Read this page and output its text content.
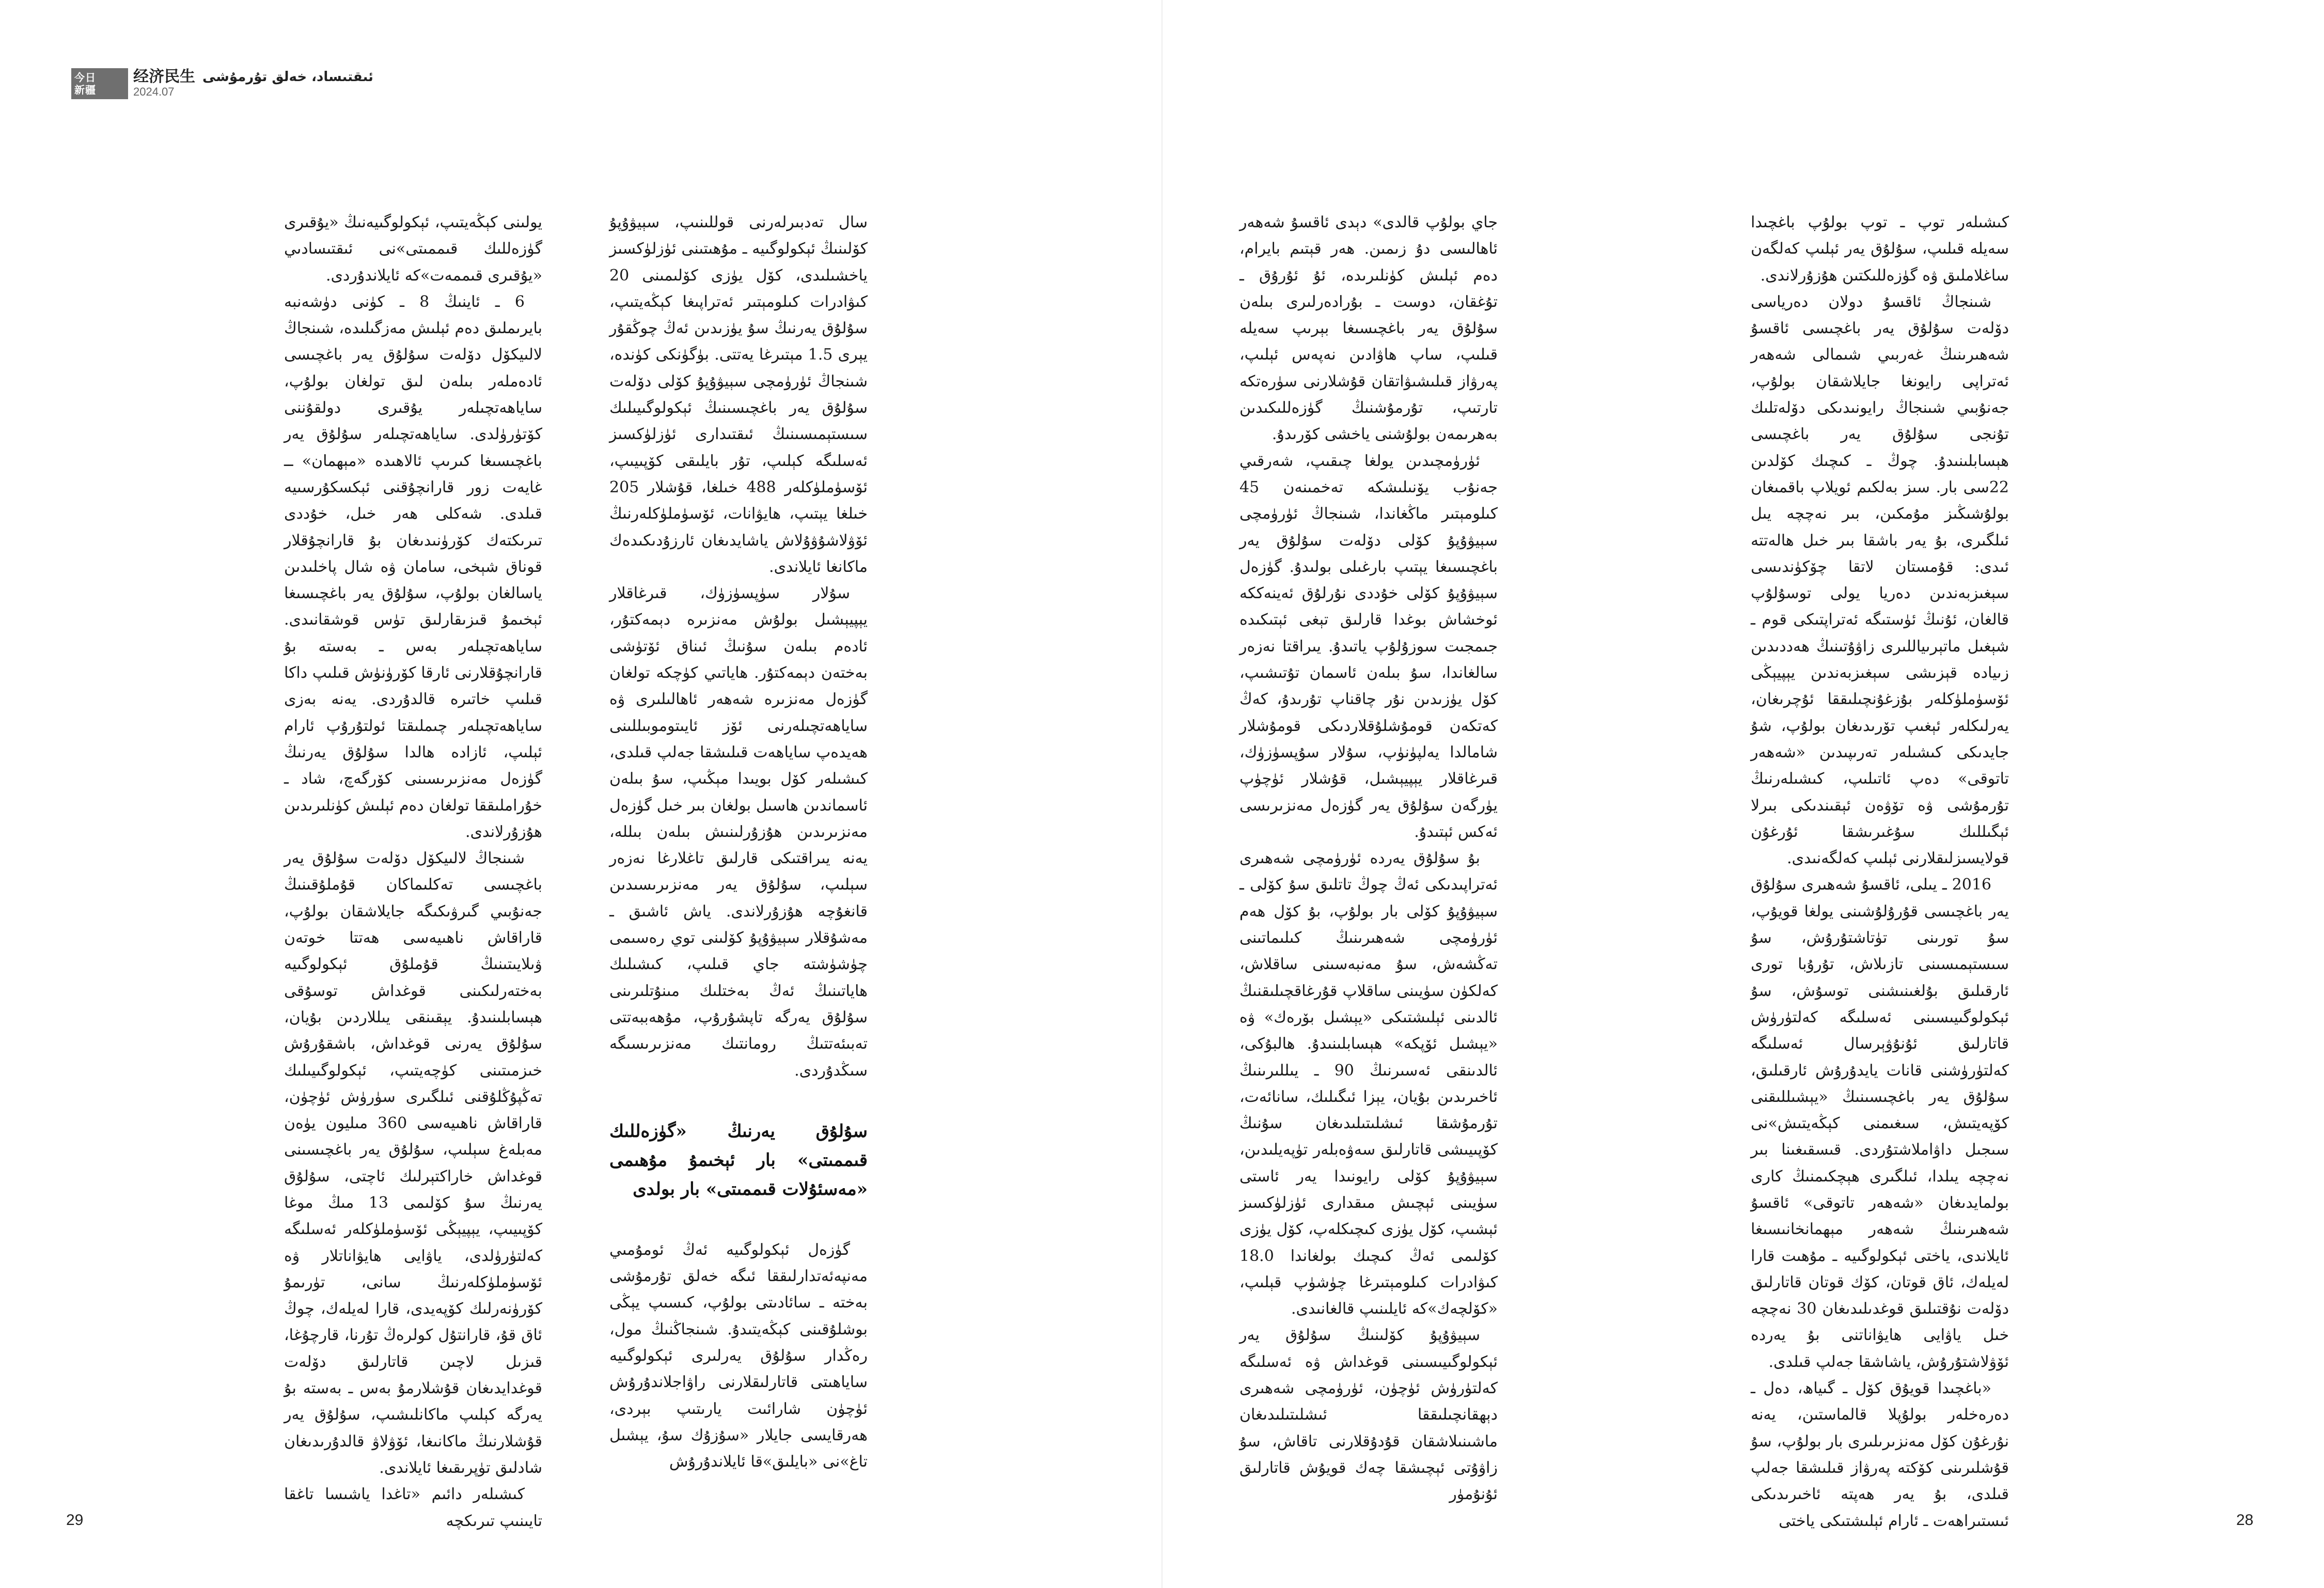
今日
新疆
经济民生
2024.07
ئىقتىساد، خەلق تۇرمۇشى

سال تەدبىرلەرنى قوللىنىپ، سېيۋۇپۇ كۆلىنىڭ ئېكولوگىيە ـ مۇھىتىنى ئۈزلۈكسىز ياخشىلىدى، كۆل يۈزى كۆلىمىنى 20 كىۋادرات كىلومېتىر ئەتراپىغا كېڭەيتىپ، سۇلۇق يەرنىڭ سۇ يۈزىدىن ئەڭ چوڭقۇر يېرى 1.5 مېتىرغا يەتتى. بۈگۈنكى كۈندە، شىنجاڭ ئۈرۈمچى سېيۋۇپۇ كۆلى دۆلەت سۇلۇق يەر باغچىسىنىڭ ئېكولوگىيىلىك سىستېمىسىنىڭ ئىقتىدارى ئۈزلۈكسىز ئەسلىگە كېلىپ، تۇر بايلىقى كۆپىيىپ، ئۆسۈملۈكلەر 488 خىلغا، قۇشلار 205 خىلغا يېتىپ، ھايۋانات، ئۆسۈملۈكلەرنىڭ ئۆۋلاشۇۋۇلاش ياشايدىغان ئارزۇدىكىدەك ماكانغا ئايلاندى.

سۇلار سۈپسۈزۈك، قىرغاقلار يېپيېشىل بولۇش مەنزىرە دېمەكتۇر، ئادەم بىلەن سۇنىڭ ئىناق ئۆتۈشى بەختەن دېمەكتۇر. ھاياتىي كۈچكە تولغان گۈزەل مەنزىرە شەھەر ئاھالىلىرى ۋە ساياھەتچىلەرنى ئۆز ئايىتوموبىللىنى ھەيدەپ ساياھەت قىلىشقا جەلپ قىلدى، كىشىلەر كۆل بويىدا مېڭىپ، سۇ بىلەن ئاسماندىن ھاسىل بولغان بىر خىل گۈزەل مەنزىرىدىن ھۇزۇرلىنىش بىلەن بىللە، يەنە يىراقتىكى قارلىق تاغلارغا نەزەر سېلىپ، سۇلۇق يەر مەنزىرىسىدىن قانغۇچە ھۇزۇرلاندى. ياش ئاشىق ـ مەشۇقلار سېيۋۇپۇ كۆلىنى توي رەسىمى چۈشۈشتە جاي قىلىپ، كىشىلىك ھاياتىنىڭ ئەڭ بەختلىك مىنۇتلىرىنى سۇلۇق يەرگە تاپشۇرۇپ، مۇھەببەتتى تەبىئەتتىڭ رومانتىك مەنزىرىسىگە سىڭدۇردى.

سۇلۇق يەرنىڭ «گۈزەللىك قىممىتى» بار ئېخىمۇ مۇھىمى «مەسئۇلات قىممىتى» بار بولدى

گۈزەل ئېكولوگىيە ئەڭ ئومۇمىي مەنپەئەتدارلىققا ئىگە خەلق تۇرمۇشى بەختە ـ سائادىتى بولۇپ، كىسىپ يېڭى بوشلۇقىنى كېڭەيتىدۇ. شىنجاڭنىڭ مول، رەڭدار سۇلۇق يەرلىرى ئېكولوگىيە ساياھىتى قاتارلىقلارنى راۋاجلاندۇرۇش ئۈچۈن شارائىت يارىتىپ بېردى، ھەرقايسى جايلار «سۇزۇك سۇ، يېشىل تاغ»نى «بايلىق»قا ئايلاندۇرۇش

يولىنى كېڭەيتىپ، ئېكولوگىيەنىڭ «يۇقىرى گۈزەللىك قىممىتى»نى ئىقتىسادىي «يۇقىرى قىممەت»كە ئايلاندۇردى.

6 ـ ئاينىڭ 8 ـ كۈنى دۈشەنبە بايرىملىق دەم ئېلىش مەزگىلىدە، شىنجاڭ لالىيكۆل دۆلەت سۇلۇق يەر باغچىسى ئادەملەر بىلەن لىق تولغان بولۇپ، ساياھەتچىلەر يۇقىرى دولقۇننى كۆتۈرۈلدى. ساياھەتچىلەر سۇلۇق يەر باغچىسىغا كىرىپ ئالاھىدە «مېھمان» ــ غايەت زور قارانچۇقنى ئېكسكۇرسىيە قىلدى. شەكلى ھەر خىل، خۇددى تىرىكتەك كۆرۈنىدىغان بۇ قارانچۇقلار قوناق شېخى، سامان ۋە شال پاخلىدىن ياسالغان بولۇپ، سۇلۇق يەر باغچىسىغا ئېخىمۇ قىزىقارلىق تۈس قوشقانىدى. ساياھەتچىلەر بەس ـ بەستە بۇ قارانچۇقلارنى ئارقا كۆرۈنۈش قىلىپ داكا قىلىپ خاتىرە قالدۇردى. يەنە بەزى ساياھەتچىلەر چىملىقتا ئولتۇرۇپ ئارام ئېلىپ، ئازادە ھالدا سۇلۇق يەرنىڭ گۈزەل مەنزىرىسىنى كۆرگەچ، شاد ـ خۇراملىققا تولغان دەم ئېلىش كۈنلىرىدىن ھۇزۇرلاندى.

شىنجاڭ لالىيكۆل دۆلەت سۇلۇق يەر باغچىسى تەكلىماكان قۇملۇقىنىڭ جەنۇبىي گىرۋىكىگە جايلاشقان بولۇپ، قاراقاش ناھىيەسى ھەتتا خوتەن ۋىلايىتىنىڭ قۇملۇق ئېكولوگىيە بەختەرلىكىنى قوغداش توسۇقى ھېسابلىنىدۇ. يېقىنقى يىللاردىن بۇيان، سۇلۇق يەرنى قوغداش، باشقۇرۇش خىزمىتىنى كۈچەيتىپ، ئېكولوگىيىلىك تەڭپۇڭلۇقنى ئىلگىرى سۈرۈش ئۈچۈن، قاراقاش ناھىيەسى 360 مىليون يۈەن مەبلەغ سېلىپ، سۇلۇق يەر باغچىسىنى قوغداش خاراكتېرلىك ئاچتى، سۇلۇق يەرنىڭ سۇ كۆلىمى 13 مىڭ موغا كۆپىيىپ، يېپيېڭى ئۆسۈملۈكلەر ئەسلىگە كەلتۈرۈلدى، ياۋايى ھايۋاناتلار ۋە ئۆسۈملۈكلەرنىڭ سانى، تۈرىمۇ كۆرۈنەرلىك كۆپەيدى، قارا لەيلەك، چوڭ ئاق قۇ، قارانتۇل كولرەڭ تۇرنا، قارچۇغا، قىزىل لاچىن قاتارلىق دۆلەت قوغدايدىغان قۇشلارمۇ بەس ـ بەستە بۇ يەرگە كېلىپ ماكانلىشىپ، سۇلۇق يەر قۇشلارنىڭ ماكانىغا، ئۆۋلاۋ قالدۇرىدىغان شادلىق تۈپرىقىغا ئايلاندى.

كىشىلەر دائىم «تاغدا ياشىسا تاغقا تايىنىپ تىرىكچە

29

كىشىلەر توپ ـ توپ بولۇپ باغچىدا سەيلە قىلىپ، سۇلۇق يەر ئېلىپ كەلگەن ساغلاملىق ۋە گۈزەللىكتىن ھۇزۇرلاندى.

شىنجاڭ ئاقسۇ دولان دەرياسى دۆلەت سۇلۇق يەر باغچىسى ئاقسۇ شەھىرىنىڭ غەربىي شىمالى شەھەر ئەتراپى رايونغا جايلاشقان بولۇپ، جەنۇبىي شىنجاڭ رايونىدىكى دۆلەتلىك تۇنجى سۇلۇق يەر باغچىسى ھېسابلىنىدۇ. چوڭ ـ كىچىك كۆلدىن 22سى بار. سىز بەلكىم ئويلاپ باقمىغان بولۇشىڭىز مۇمكىن، بىر نەچچە يىل ئىلگىرى، بۇ يەر باشقا بىر خىل ھالەتتە ئىدى: قۇمستان لاتقا چۆكۈندىسى سېغىزبەندىن دەريا يولى توسۇلۇپ قالغان، ئۇنىڭ ئۈستىگە ئەتراپتىكى قوم ـ شېغىل ماتېرىياللىرى زاۋۇتىنىڭ ھەددىدىن زىيادە قېزىشى سېغىزبەندىن يېپيېڭى ئۆسۈملۈكلەر بۇزغۇنچىلىققا ئۇچرىغان، يەرلىكلەر ئېغىپ تۆرىدىغان بولۇپ، شۇ جايدىكى كىشىلەر تەرىپىدىن «شەھەر تاتوقى» دەپ ئاتىلىپ، كىشىلەرنىڭ تۇرمۇشى ۋە تۆۋەن ئېقىندىكى بىرلا ئېگىللىك سۇغىرىشقا ئۇرغۇن قولايسىزلىقلارنى ئېلىپ كەلگەنىدى.

2016 ـ يىلى، ئاقسۇ شەھىرى سۇلۇق يەر باغچىسى قۇرۇلۇشىنى يولغا قويۇپ، سۇ تورىنى تۈتاشتۇرۇش، سۇ سىستېمىسىنى تازىلاش، تۇرۇبا تورى ئارقىلىق بۇلغىنىشنى توسۇش، سۇ ئېكولوگىيىسىنى ئەسلىگە كەلتۈرۈش قاتارلىق ئۇنۇۋېرسال ئەسلىگە كەلتۈرۈشنى قانات يايدۇرۇش ئارقىلىق، سۇلۇق يەر باغچىسىنىڭ «يېشىللىقنى كۆپەيتىش، سىغىمنى كېڭەيتىش»نى سىجىل داۋاملاشتۇردى. قىسقىغىنا بىر نەچچە يىلدا، ئىلگىرى ھېچكىمنىڭ كارى بولمايدىغان «شەھەر تاتوقى» ئاقسۇ شەھىرىنىڭ شەھەر مېھمانخانىسىغا ئايلاندى، ياختى ئېكولوگىيە ـ مۇھىت قارا لەيلەك، ئاق قوتان، كۆك قوتان قاتارلىق دۆلەت نۇقتىلىق قوغدىلىدىغان 30 نەچچە خىل ياۋايى ھايۋاناتنى بۇ يەردە ئۆۋلاشتۇرۇش، ياشاشقا جەلپ قىلدى.

«باغچىدا قويۇق كۆل ـ گىياھ، دەل ـ دەرەخلەر بولۇپلا قالماستىن، يەنە نۇرغۇن كۆل مەنزىرىلىرى بار بولۇپ، سۇ قۇشلىرىنى كۆكتە پەرۋاز قىلىشقا جەلپ قىلدى، بۇ يەر ھەپتە ئاخىرىدىكى ئىستىراھەت ـ ئارام ئېلىشتىكى ياختى

جاي بولۇپ قالدى» دېدى ئاقسۇ شەھەر ئاھالىسى دۇ زىمىن. ھەر قېتىم بايرام، دەم ئېلىش كۈنلىرىدە، ئۇ ئۇرۇق ـ تۇغقان، دوست ـ بۇرادەرلىرى بىلەن سۇلۇق يەر باغچىسىغا بېرىپ سەيلە قىلىپ، ساپ ھاۋادىن نەپەس ئېلىپ، پەرۋاز قىلىشىۋاتقان قۇشلارنى سۈرەتكە تارتىپ، تۇرمۇشنىڭ گۈزەللىكىدىن بەھرىمەن بولۇشنى ياخشى كۆرىدۇ.

ئۈرۈمچىدىن يولغا چىقىپ، شەرقىي جەنۇب يۆنىلىشكە تەخمىنەن 45 كىلومېتىر ماڭغاندا، شىنجاڭ ئۈرۈمچى سېيۋۇپۇ كۆلى دۆلەت سۇلۇق يەر باغچىسىغا يېتىپ بارغىلى بولىدۇ. گۈزەل سېيۋۇپۇ كۆلى خۇددى نۇرلۇق ئەينەككە ئوخشاش بوغدا قارلىق تېغى ئېتىكىدە جىمجىت سوزۇلۇپ ياتىدۇ. يىراقتا نەزەر سالغاندا، سۇ بىلەن ئاسمان تۇتىشىپ، كۆل يۈزىدىن نۇر چاقناپ تۇرىدۇ، كەڭ كەتكەن قومۇشلۇقلاردىكى قومۇشلار شامالدا يەلپۈنۈپ، سۇلار سۇپسۈزۈك، قىرغاقلار يېپيېشىل، قۇشلار ئۈچۈپ يۈرگەن سۇلۇق يەر گۈزەل مەنزىرىسى ئەكس ئېتىدۇ.

بۇ سۇلۇق يەردە ئۈرۈمچى شەھىرى ئەتراپىدىكى ئەڭ چوڭ تاتلىق سۇ كۆلى ـ سېيۋۇپۇ كۆلى بار بولۇپ، بۇ كۆل ھەم ئۈرۈمچى شەھىرىنىڭ كىلىماتىنى تەڭشەش، سۇ مەنبەسىنى ساقلاش، كەلكۈن سۈيىنى ساقلاپ قۇرغاقچىلىقنىڭ ئالدىنى ئېلىشتىكى «يېشىل بۆرەك» ۋە «يېشىل ئۆپكە» ھېسابلىنىدۇ. ھالبۇكى، ئالدىنقى ئەسىرنىڭ 90 ـ يىللىرىنىڭ ئاخىرىدىن بۇيان، يېزا ئىگىلىك، سانائەت، تۇرمۇشقا ئىشلىتىلىدىغان سۇنىڭ كۆپىيىشى قاتارلىق سەۋەبلەر تۈپەيلىدىن، سېيۋۇپۇ كۆلى رايونىدا يەر ئاستى سۈيىنى ئېچىش مىقدارى ئۈزلۈكسىز ئېشىپ، كۆل يۈزى كىچىكلەپ، كۆل يۈزى كۆلىمى ئەڭ كىچىك بولغاندا 18.0 كىۋادرات كىلومېتىرغا چۈشۈپ قېلىپ، «كۆلچەك»كە ئايلىنىپ قالغانىدى.

سېيۋۇپۇ كۆلىنىڭ سۇلۇق يەر ئېكولوگىيىسىنى قوغداش ۋە ئەسلىگە كەلتۈرۈش ئۈچۈن، ئۈرۈمچى شەھىرى دېھقانچىلىققا ئىشلىتىلىدىغان ماشىنىلاشقان قۇدۇقلارنى تاقاش، سۇ زاۋۇتى ئېچىشقا چەك قويۇش قاتارلىق ئۇنۇمۈر

28
